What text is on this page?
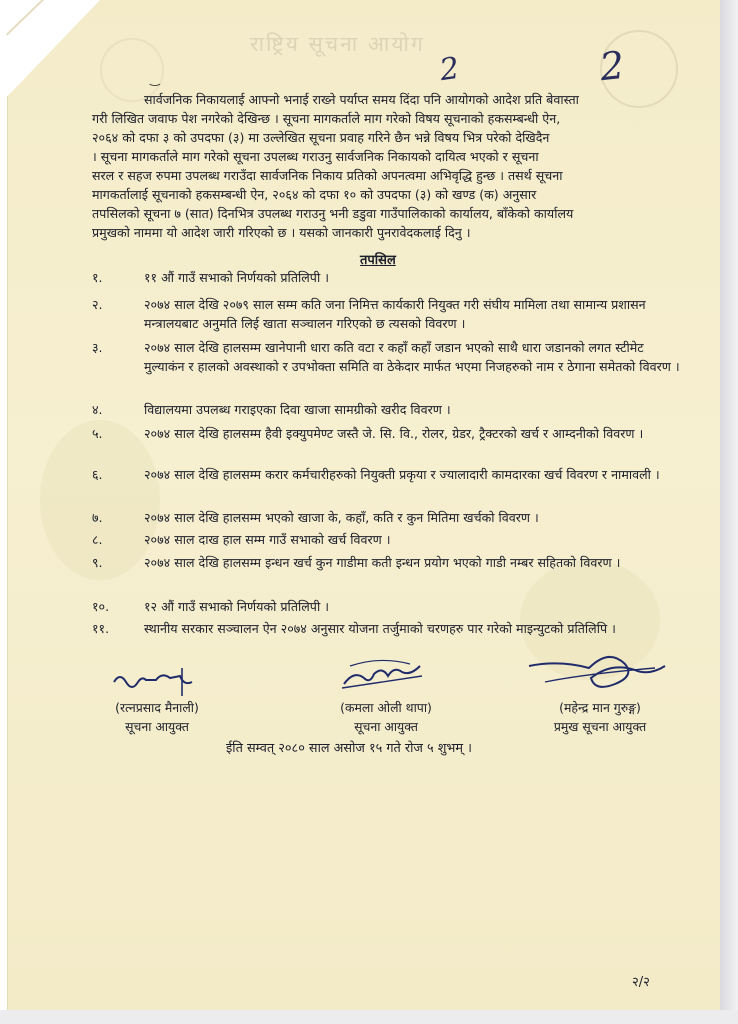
राष्ट्रिय सूचना आयोग
2	2
‿
सार्वजनिक निकायलाई आफ्नो भनाई राख्ने पर्याप्त समय दिंदा पनि आयोगको आदेश प्रति बेवास्ता
गरी लिखित जवाफ पेश नगरेको देखिन्छ । सूचना मागकर्ताले माग गरेको विषय सूचनाको हकसम्बन्धी ऐन,
२०६४ को दफा ३ को उपदफा (३) मा उल्लेखित सूचना प्रवाह गरिने छैन भन्ने विषय भित्र परेको देखिदैन
। सूचना मागकर्ताले माग गरेको सूचना उपलब्ध गराउनु सार्वजनिक निकायको दायित्व भएको र सूचना
सरल र सहज रुपमा उपलब्ध गराउँदा सार्वजनिक निकाय प्रतिको अपनत्वमा अभिवृद्धि हुन्छ । तसर्थ सूचना
मागकर्तालाई सूचनाको हकसम्बन्धी ऐन, २०६४ को दफा १० को उपदफा (३) को खण्ड (क) अनुसार
तपसिलको सूचना ७ (सात) दिनभित्र उपलब्ध गराउनु भनी डडुवा गाउँपालिकाको कार्यालय, बाँकेको कार्यालय
प्रमुखको नाममा यो आदेश जारी गरिएको छ । यसको जानकारी पुनरावेदकलाई दिनु ।
तपसिल
१.	११ औं गाउँ सभाको निर्णयको प्रतिलिपी ।
२.	२०७४ साल देखि २०७९ साल सम्म कति जना निमित्त कार्यकारी नियुक्त गरी संघीय मामिला तथा सामान्य प्रशासन मन्त्रालयबाट अनुमति लिई खाता सञ्चालन गरिएको छ त्यसको विवरण ।
३.	२०७४ साल देखि हालसम्म खानेपानी धारा कति वटा र कहाँ कहाँ जडान भएको साथै धारा जडानको लगत स्टीमेट मुल्याकंन र हालको अवस्थाको र उपभोक्ता समिति वा ठेकेदार मार्फत भएमा निजहरुको नाम र ठेगाना समेतको विवरण ।
४.	विद्यालयमा उपलब्ध गराइएका दिवा खाजा सामग्रीको खरीद विवरण ।
५.	२०७४ साल देखि हालसम्म हैवी इक्युपमेण्ट जस्तै जे. सि. वि., रोलर, ग्रेडर, ट्रैक्टरको खर्च र आम्दनीको विवरण ।
६.	२०७४ साल देखि हालसम्म करार कर्मचारीहरुको नियुक्ती प्रकृया र ज्यालादारी कामदारका खर्च विवरण र नामावली ।
७.	२०७४ साल देखि हालसम्म भएको खाजा के, कहाँ, कति र कुन मितिमा खर्चको विवरण ।
८.	२०७४ साल दाख हाल सम्म गाउँ सभाको खर्च विवरण ।
९.	२०७४ साल देखि हालसम्म इन्धन खर्च कुन गाडीमा कती इन्धन प्रयोग भएको गाडी नम्बर सहितको विवरण ।
१०.	१२ औं गाउँ सभाको निर्णयको प्रतिलिपी ।
११.	स्थानीय सरकार सञ्चालन ऐन २०७४ अनुसार योजना तर्जुमाको चरणहरु पार गरेको माइन्युटको प्रतिलिपि ।
(रत्नप्रसाद मैनाली)
सूचना आयुक्त
(कमला ओली थापा)
सूचना आयुक्त
(महेन्द्र मान गुरुङ्ग)
प्रमुख सूचना आयुक्त
ईति सम्वत् २०८० साल असोज १५ गते रोज ५ शुभम् ।
२/२
